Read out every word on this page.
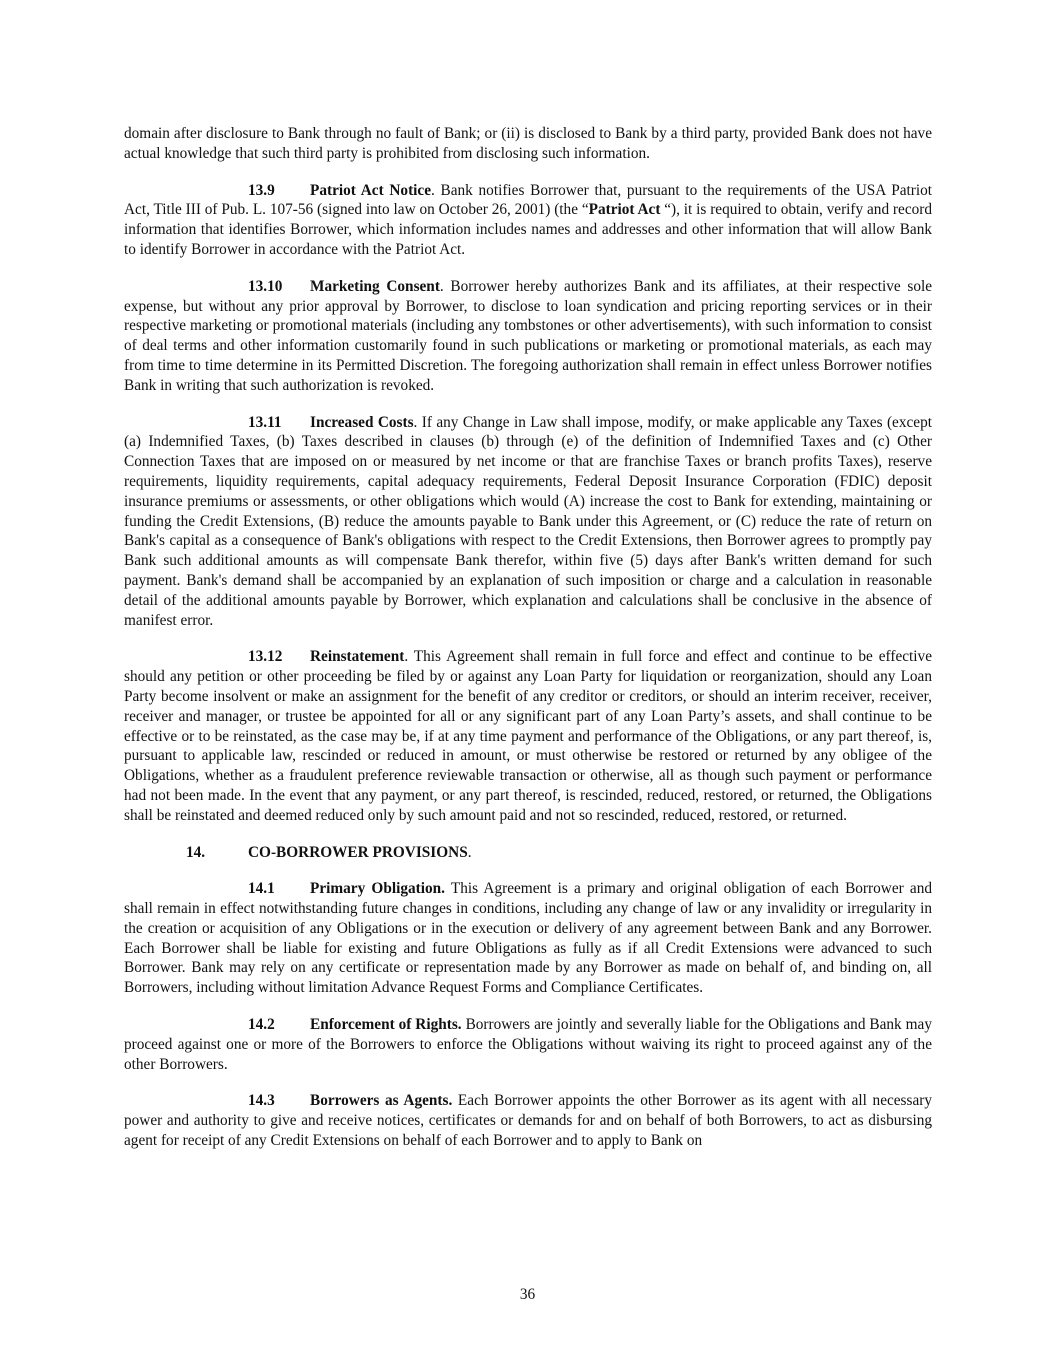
domain after disclosure to Bank through no fault of Bank; or (ii) is disclosed to Bank by a third party, provided Bank does not have actual knowledge that such third party is prohibited from disclosing such information.

13.9 Patriot Act Notice. Bank notifies Borrower that, pursuant to the requirements of the USA Patriot Act, Title III of Pub. L. 107-56 (signed into law on October 26, 2001) (the “Patriot Act “), it is required to obtain, verify and record information that identifies Borrower, which information includes names and addresses and other information that will allow Bank to identify Borrower in accordance with the Patriot Act.

13.10 Marketing Consent. Borrower hereby authorizes Bank and its affiliates, at their respective sole expense, but without any prior approval by Borrower, to disclose to loan syndication and pricing reporting services or in their respective marketing or promotional materials (including any tombstones or other advertisements), with such information to consist of deal terms and other information customarily found in such publications or marketing or promotional materials, as each may from time to time determine in its Permitted Discretion. The foregoing authorization shall remain in effect unless Borrower notifies Bank in writing that such authorization is revoked.

13.11 Increased Costs. If any Change in Law shall impose, modify, or make applicable any Taxes (except (a) Indemnified Taxes, (b) Taxes described in clauses (b) through (e) of the definition of Indemnified Taxes and (c) Other Connection Taxes that are imposed on or measured by net income or that are franchise Taxes or branch profits Taxes), reserve requirements, liquidity requirements, capital adequacy requirements, Federal Deposit Insurance Corporation (FDIC) deposit insurance premiums or assessments, or other obligations which would (A) increase the cost to Bank for extending, maintaining or funding the Credit Extensions, (B) reduce the amounts payable to Bank under this Agreement, or (C) reduce the rate of return on Bank's capital as a consequence of Bank's obligations with respect to the Credit Extensions, then Borrower agrees to promptly pay Bank such additional amounts as will compensate Bank therefor, within five (5) days after Bank's written demand for such payment. Bank's demand shall be accompanied by an explanation of such imposition or charge and a calculation in reasonable detail of the additional amounts payable by Borrower, which explanation and calculations shall be conclusive in the absence of manifest error.

13.12 Reinstatement. This Agreement shall remain in full force and effect and continue to be effective should any petition or other proceeding be filed by or against any Loan Party for liquidation or reorganization, should any Loan Party become insolvent or make an assignment for the benefit of any creditor or creditors, or should an interim receiver, receiver, receiver and manager, or trustee be appointed for all or any significant part of any Loan Party’s assets, and shall continue to be effective or to be reinstated, as the case may be, if at any time payment and performance of the Obligations, or any part thereof, is, pursuant to applicable law, rescinded or reduced in amount, or must otherwise be restored or returned by any obligee of the Obligations, whether as a fraudulent preference reviewable transaction or otherwise, all as though such payment or performance had not been made. In the event that any payment, or any part thereof, is rescinded, reduced, restored, or returned, the Obligations shall be reinstated and deemed reduced only by such amount paid and not so rescinded, reduced, restored, or returned.

14.	CO-BORROWER PROVISIONS.

14.1 Primary Obligation. This Agreement is a primary and original obligation of each Borrower and shall remain in effect notwithstanding future changes in conditions, including any change of law or any invalidity or irregularity in the creation or acquisition of any Obligations or in the execution or delivery of any agreement between Bank and any Borrower. Each Borrower shall be liable for existing and future Obligations as fully as if all Credit Extensions were advanced to such Borrower. Bank may rely on any certificate or representation made by any Borrower as made on behalf of, and binding on, all Borrowers, including without limitation Advance Request Forms and Compliance Certificates.

14.2 Enforcement of Rights. Borrowers are jointly and severally liable for the Obligations and Bank may proceed against one or more of the Borrowers to enforce the Obligations without waiving its right to proceed against any of the other Borrowers.

14.3 Borrowers as Agents. Each Borrower appoints the other Borrower as its agent with all necessary power and authority to give and receive notices, certificates or demands for and on behalf of both Borrowers, to act as disbursing agent for receipt of any Credit Extensions on behalf of each Borrower and to apply to Bank on

36
